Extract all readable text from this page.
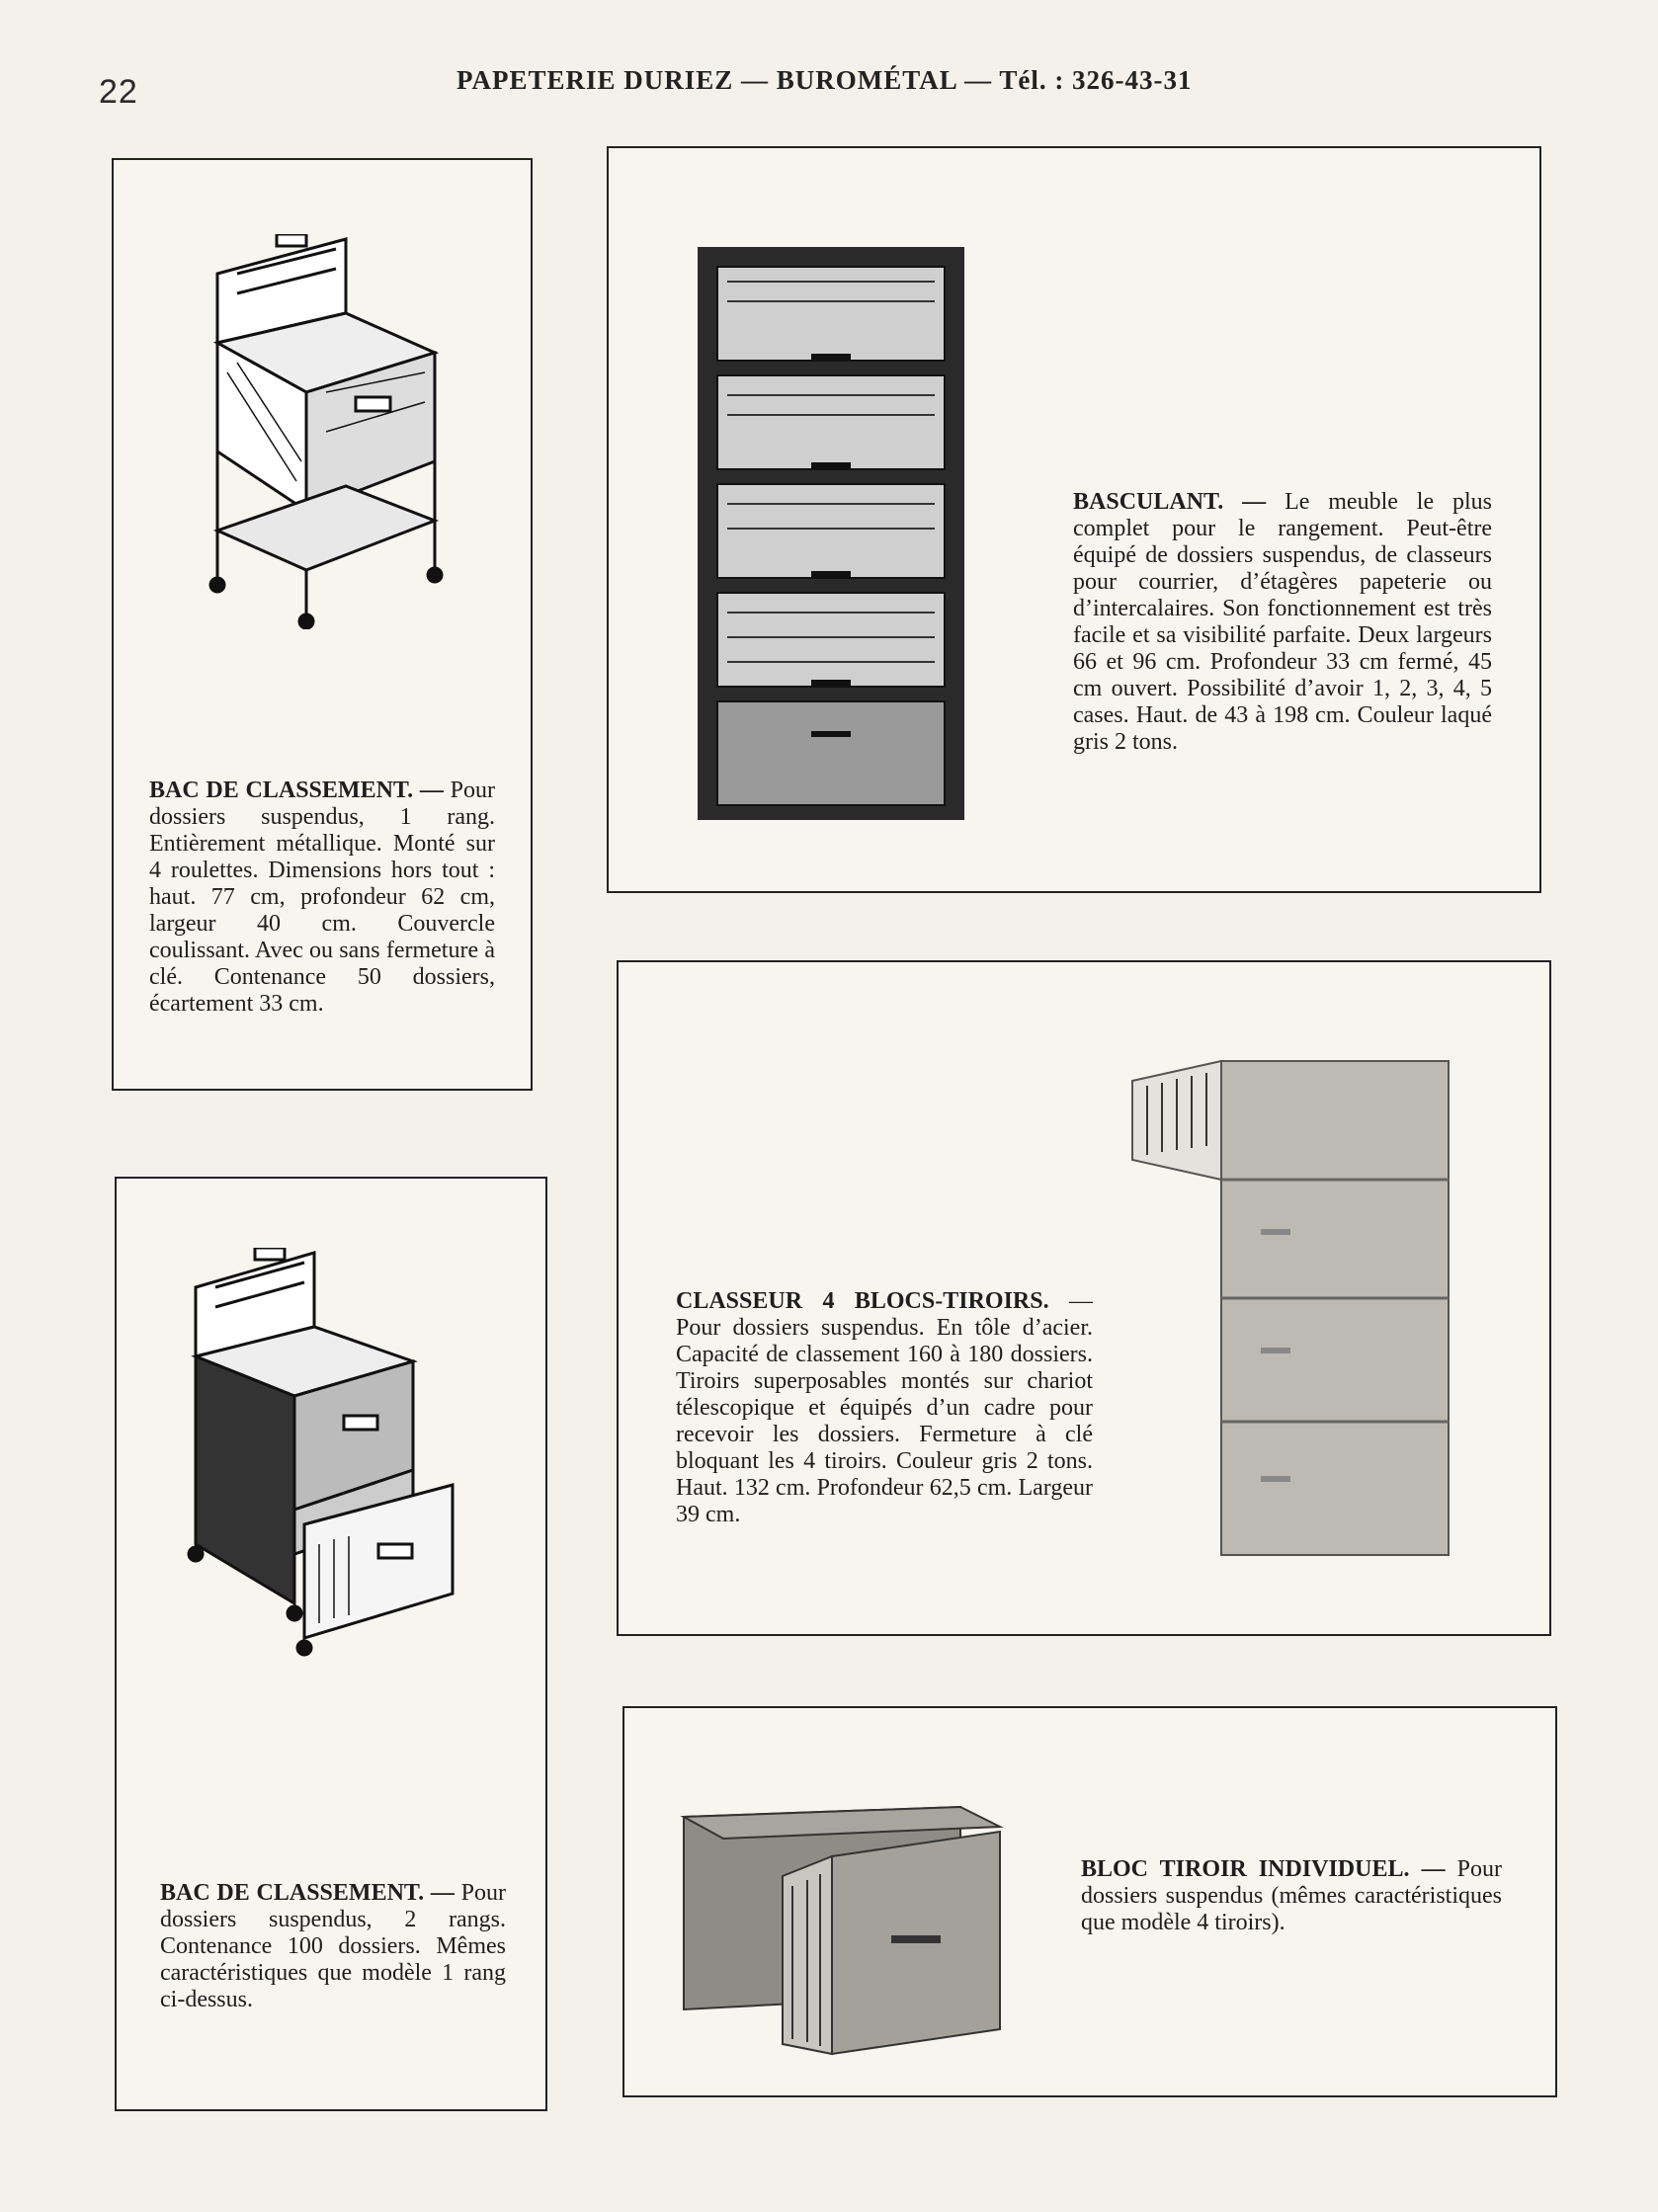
22	PAPETERIE DURIEZ — BUROMÉTAL — Tél. : 326-43-31
BAC DE CLASSEMENT. — Pour dossiers suspendus, 1 rang. Entièrement métallique. Monté sur 4 roulettes. Dimensions hors tout : haut. 77 cm, profondeur 62 cm, largeur 40 cm. Couvercle coulissant. Avec ou sans fermeture à clé. Contenance 50 dossiers, écartement 33 cm.
BASCULANT. — Le meuble le plus complet pour le rangement. Peut-être équipé de dossiers suspendus, de classeurs pour courrier, d’étagères papeterie ou d’intercalaires. Son fonctionnement est très facile et sa visibilité parfaite. Deux largeurs 66 et 96 cm. Profondeur 33 cm fermé, 45 cm ouvert. Possibilité d’avoir 1, 2, 3, 4, 5 cases. Haut. de 43 à 198 cm. Couleur laqué gris 2 tons.
BAC DE CLASSEMENT. — Pour dossiers suspendus, 2 rangs. Contenance 100 dossiers. Mêmes caractéristiques que modèle 1 rang ci-dessus.
CLASSEUR 4 BLOCS-TIROIRS. — Pour dossiers suspendus. En tôle d’acier. Capacité de classement 160 à 180 dossiers. Tiroirs superposables montés sur chariot télescopique et équipés d’un cadre pour recevoir les dossiers. Fermeture à clé bloquant les 4 tiroirs. Couleur gris 2 tons. Haut. 132 cm. Profondeur 62,5 cm. Largeur 39 cm.
BLOC TIROIR INDIVIDUEL. — Pour dossiers suspendus (mêmes caractéristiques que modèle 4 tiroirs).
